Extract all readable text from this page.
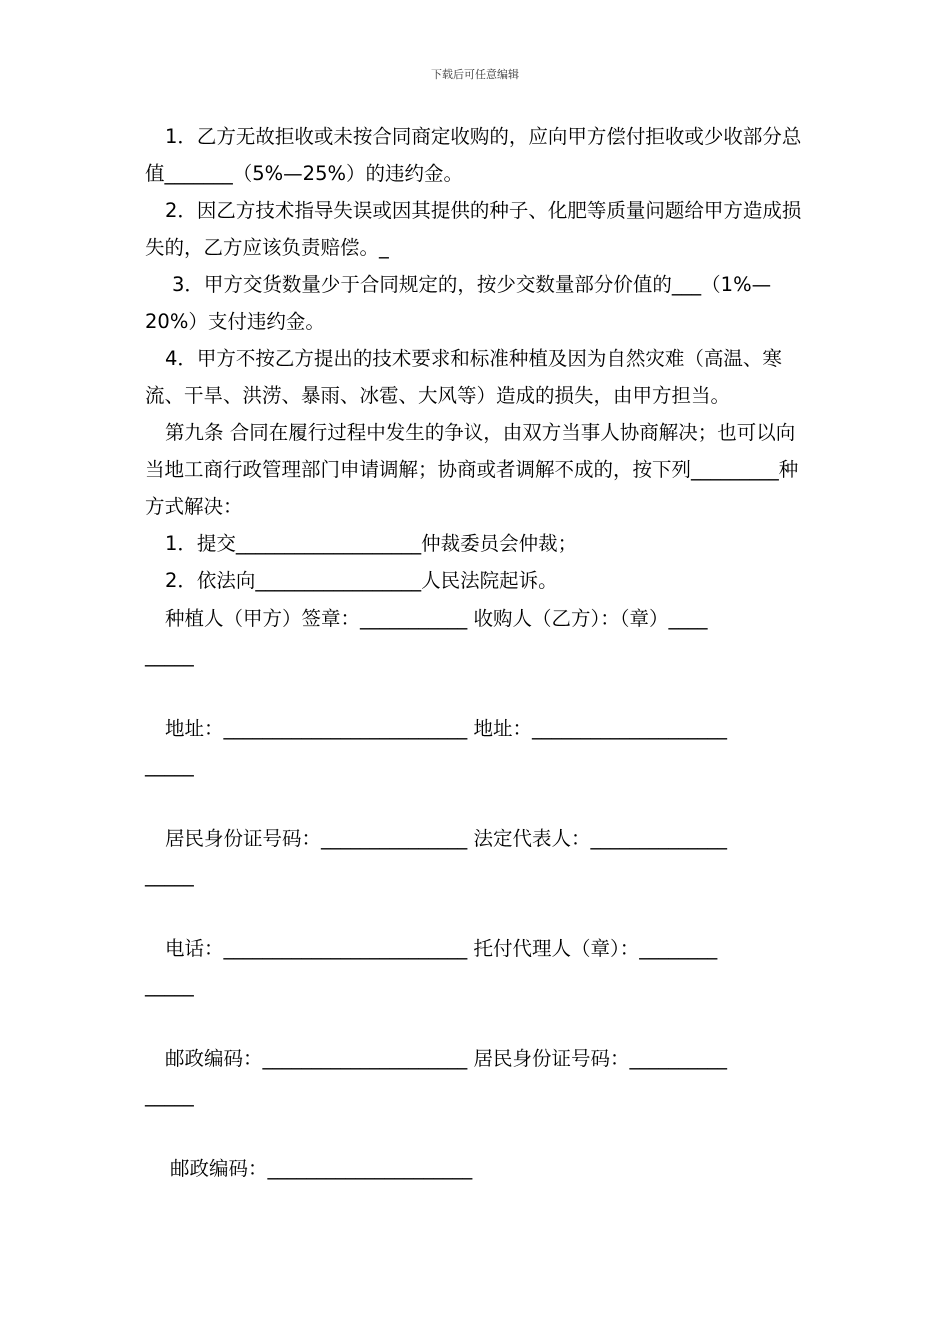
下载后可任意编辑

1．乙方无故拒收或未按合同商定收购的，应向甲方偿付拒收或少收部分总值_______（5%—25%）的违约金。

2．因乙方技术指导失误或因其提供的种子、化肥等质量问题给甲方造成损失的，乙方应该负责赔偿。_

3．甲方交货数量少于合同规定的，按少交数量部分价值的___（1%—20%）支付违约金。

4．甲方不按乙方提出的技术要求和标准种植及因为自然灾难（高温、寒流、干旱、洪涝、暴雨、冰雹、大风等）造成的损失，由甲方担当。

第九条 合同在履行过程中发生的争议，由双方当事人协商解决；也可以向当地工商行政管理部门申请调解；协商或者调解不成的，按下列_________种方式解决：

1．提交___________________仲裁委员会仲裁；

2．依法向_________________人民法院起诉。

种植人（甲方）签章：___________ 收购人（乙方）：（章）____

_____

地址：_________________________ 地址：____________________

_____

居民身份证号码：_______________ 法定代表人：______________

_____

电话：_________________________ 托付代理人（章）：________

_____

邮政编码：_____________________ 居民身份证号码：__________

_____

邮政编码：_____________________
